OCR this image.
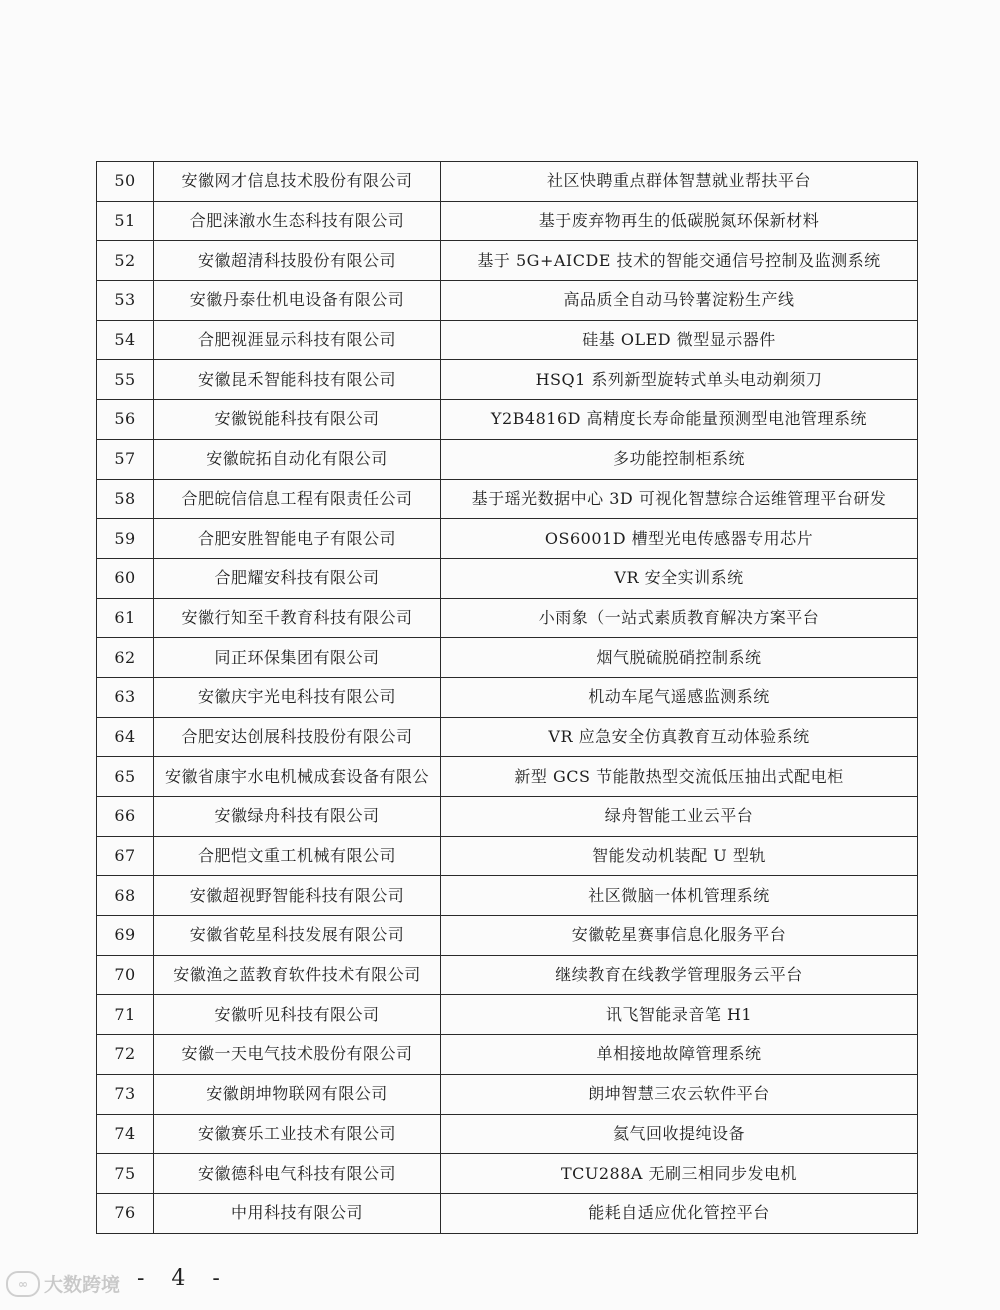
50	安徽网才信息技术股份有限公司	社区快聘重点群体智慧就业帮扶平台
51	合肥涞澈水生态科技有限公司	基于废弃物再生的低碳脱氮环保新材料
52	安徽超清科技股份有限公司	基于 5G+AICDE 技术的智能交通信号控制及监测系统
53	安徽丹泰仕机电设备有限公司	高品质全自动马铃薯淀粉生产线
54	合肥视涯显示科技有限公司	硅基 OLED 微型显示器件
55	安徽昆禾智能科技有限公司	HSQ1 系列新型旋转式单头电动剃须刀
56	安徽锐能科技有限公司	Y2B4816D 高精度长寿命能量预测型电池管理系统
57	安徽皖拓自动化有限公司	多功能控制柜系统
58	合肥皖信信息工程有限责任公司	基于瑶光数据中心 3D 可视化智慧综合运维管理平台研发
59	合肥安胜智能电子有限公司	OS6001D 槽型光电传感器专用芯片
60	合肥耀安科技有限公司	VR 安全实训系统
61	安徽行知至千教育科技有限公司	小雨象（一站式素质教育解决方案平台
62	同正环保集团有限公司	烟气脱硫脱硝控制系统
63	安徽庆宇光电科技有限公司	机动车尾气遥感监测系统
64	合肥安达创展科技股份有限公司	VR 应急安全仿真教育互动体验系统
65	安徽省康宇水电机械成套设备有限公	新型 GCS 节能散热型交流低压抽出式配电柜
66	安徽绿舟科技有限公司	绿舟智能工业云平台
67	合肥恺文重工机械有限公司	智能发动机装配 U 型轨
68	安徽超视野智能科技有限公司	社区微脑一体机管理系统
69	安徽省乾星科技发展有限公司	安徽乾星赛事信息化服务平台
70	安徽渔之蓝教育软件技术有限公司	继续教育在线教学管理服务云平台
71	安徽听见科技有限公司	讯飞智能录音笔 H1
72	安徽一天电气技术股份有限公司	单相接地故障管理系统
73	安徽朗坤物联网有限公司	朗坤智慧三农云软件平台
74	安徽赛乐工业技术有限公司	氦气回收提纯设备
75	安徽德科电气科技有限公司	TCU288A 无刷三相同步发电机
76	中用科技有限公司	能耗自适应优化管控平台
- 4 -
∞ 大数跨境
